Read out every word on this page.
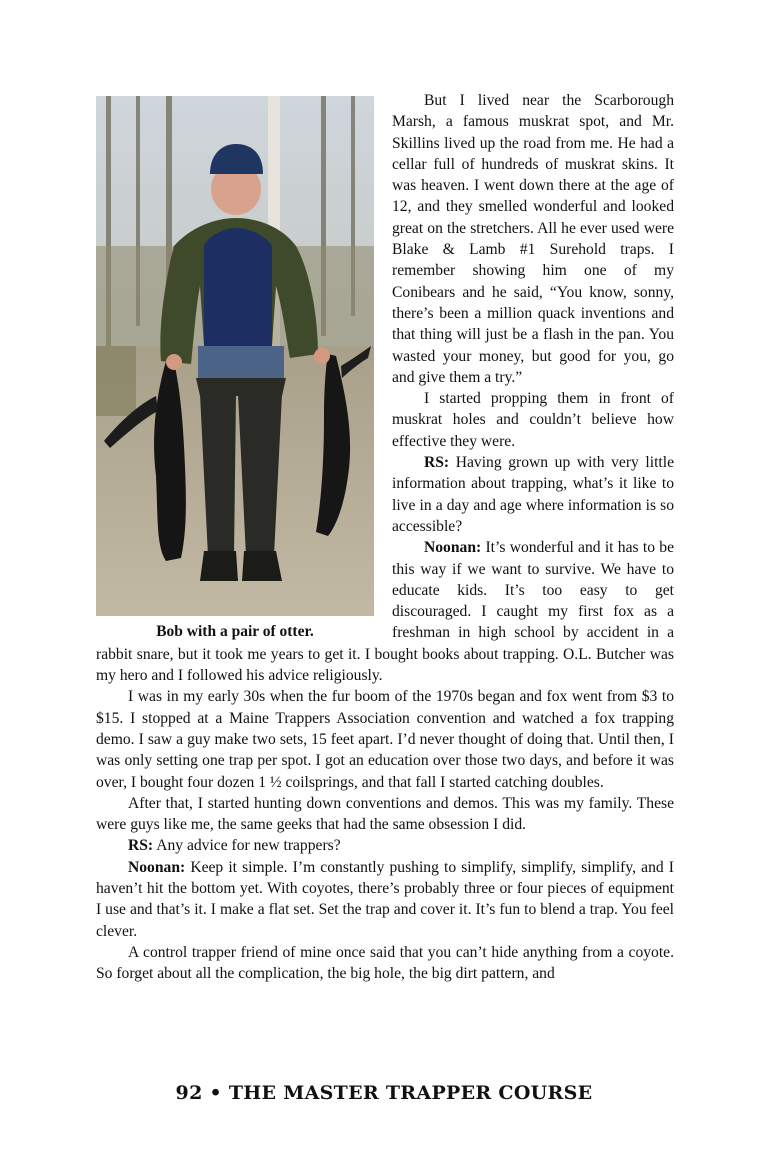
Bob with a pair of otter.

But I lived near the Scarborough Marsh, a famous muskrat spot, and Mr. Skillins lived up the road from me. He had a cellar full of hundreds of muskrat skins. It was heaven. I went down there at the age of 12, and they smelled wonderful and looked great on the stretchers. All he ever used were Blake & Lamb #1 Surehold traps. I remember showing him one of my Conibears and he said, “You know, sonny, there’s been a million quack inventions and that thing will just be a flash in the pan. You wasted your money, but good for you, go and give them a try.”

I started propping them in front of muskrat holes and couldn’t believe how effective they were.

RS: Having grown up with very little information about trapping, what’s it like to live in a day and age where information is so accessible?

Noonan: It’s wonderful and it has to be this way if we want to survive. We have to educate kids. It’s too easy to get discouraged. I caught my first fox as a freshman in high school by accident in a rabbit snare, but it took me years to get it. I bought books about trapping. O.L. Butcher was my hero and I followed his advice religiously.

I was in my early 30s when the fur boom of the 1970s began and fox went from $3 to $15. I stopped at a Maine Trappers Association convention and watched a fox trapping demo. I saw a guy make two sets, 15 feet apart. I’d never thought of doing that. Until then, I was only setting one trap per spot. I got an education over those two days, and before it was over, I bought four dozen 1 ½ coilsprings, and that fall I started catching doubles.

After that, I started hunting down conventions and demos. This was my family. These were guys like me, the same geeks that had the same obsession I did.

RS: Any advice for new trappers?

Noonan: Keep it simple. I’m constantly pushing to simplify, simplify, simplify, and I haven’t hit the bottom yet. With coyotes, there’s probably three or four pieces of equipment I use and that’s it. I make a flat set. Set the trap and cover it. It’s fun to blend a trap. You feel clever.

A control trapper friend of mine once said that you can’t hide anything from a coyote. So forget about all the complication, the big hole, the big dirt pattern, and

92 • THE MASTER TRAPPER COURSE
